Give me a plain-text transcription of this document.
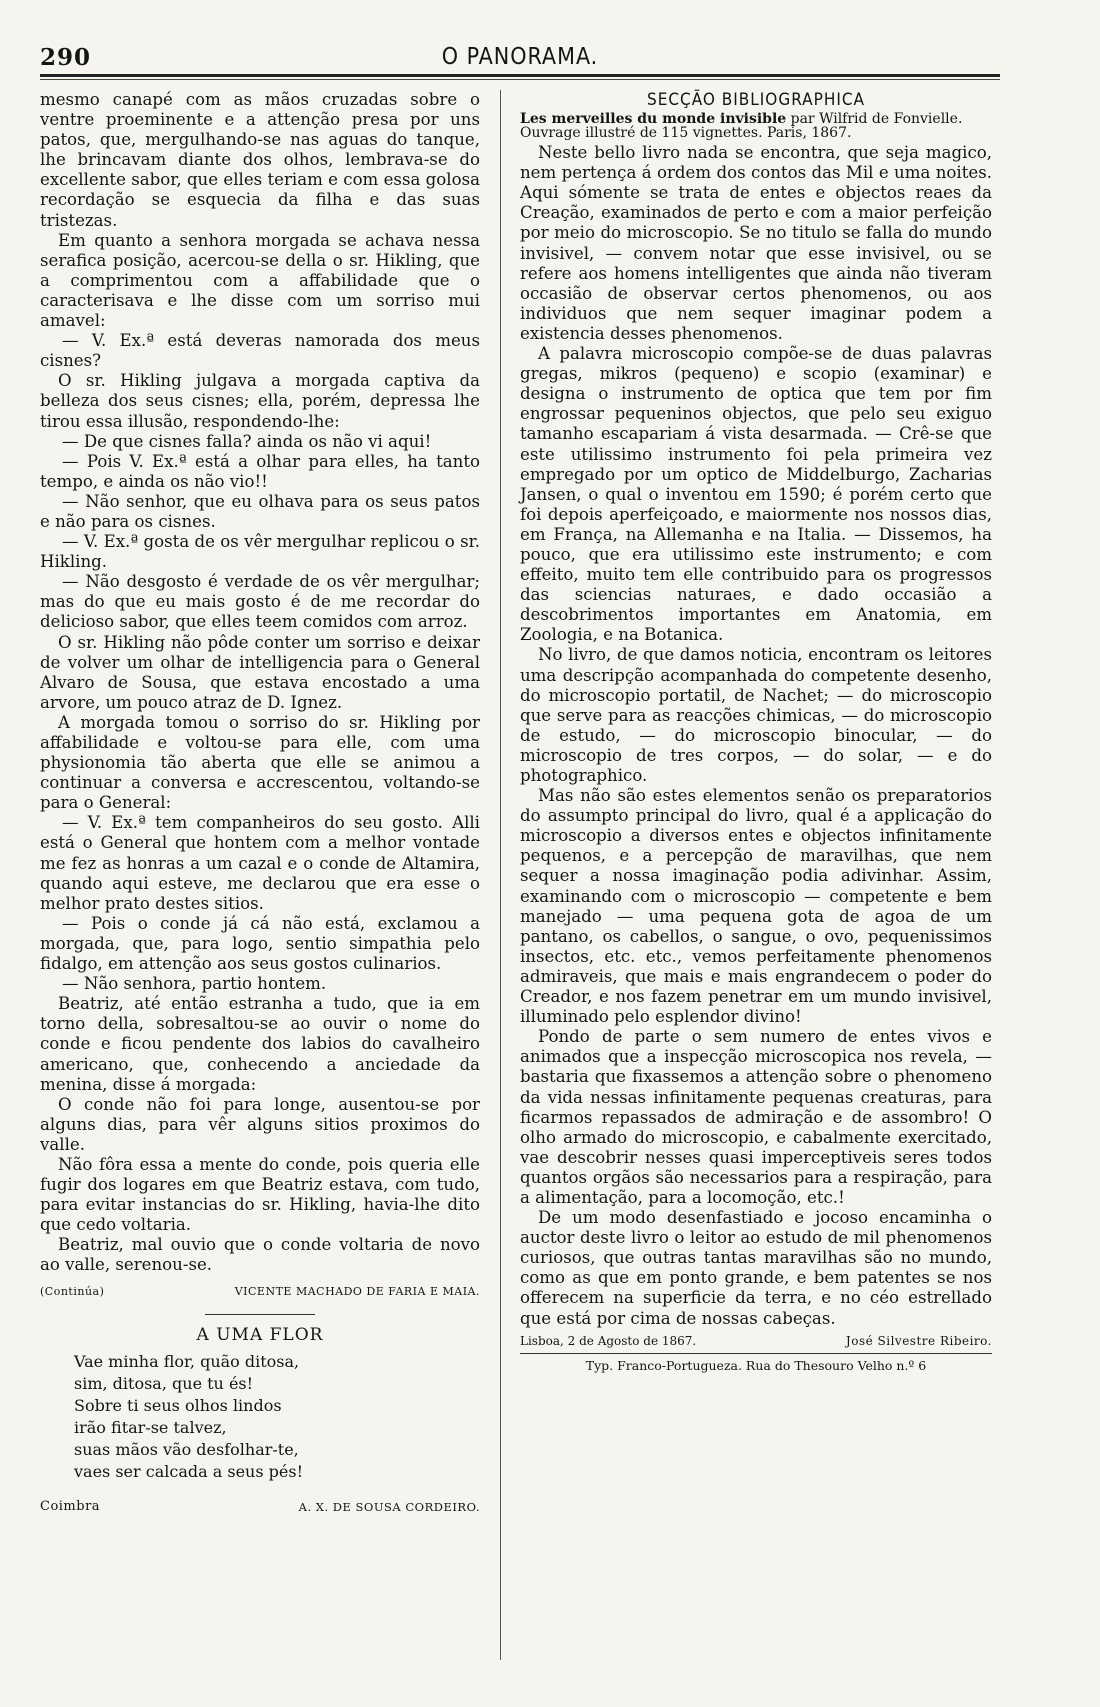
290	O PANORAMA.

mesmo canapé com as mãos cruzadas sobre o ventre proeminente e a attenção presa por uns patos, que, mergulhando-se nas aguas do tanque, lhe brincavam diante dos olhos, lembrava-se do excellente sabor, que elles teriam e com essa golosa recordação se esquecia da filha e das suas tristezas.

Em quanto a senhora morgada se achava nessa serafica posição, acercou-se della o sr. Hikling, que a comprimentou com a affabilidade que o caracterisava e lhe disse com um sorriso mui amavel:

— V. Ex.ª está deveras namorada dos meus cisnes?

O sr. Hikling julgava a morgada captiva da belleza dos seus cisnes; ella, porém, depressa lhe tirou essa illusão, respondendo-lhe:

— De que cisnes falla? ainda os não vi aqui!

— Pois V. Ex.ª está a olhar para elles, ha tanto tempo, e ainda os não vio!!

— Não senhor, que eu olhava para os seus patos e não para os cisnes.

— V. Ex.ª gosta de os vêr mergulhar replicou o sr. Hikling.

— Não desgosto é verdade de os vêr mergulhar; mas do que eu mais gosto é de me recordar do delicioso sabor, que elles teem comidos com arroz.

O sr. Hikling não pôde conter um sorriso e deixar de volver um olhar de intelligencia para o General Alvaro de Sousa, que estava encostado a uma arvore, um pouco atraz de D. Ignez.

A morgada tomou o sorriso do sr. Hikling por affabilidade e voltou-se para elle, com uma physionomia tão aberta que elle se animou a continuar a conversa e accrescentou, voltando-se para o General:

— V. Ex.ª tem companheiros do seu gosto. Alli está o General que hontem com a melhor vontade me fez as honras a um cazal e o conde de Altamira, quando aqui esteve, me declarou que era esse o melhor prato destes sitios.

— Pois o conde já cá não está, exclamou a morgada, que, para logo, sentio simpathia pelo fidalgo, em attenção aos seus gostos culinarios.

— Não senhora, partio hontem.

Beatriz, até então estranha a tudo, que ia em torno della, sobresaltou-se ao ouvir o nome do conde e ficou pendente dos labios do cavalheiro americano, que, conhecendo a anciedade da menina, disse á morgada:

O conde não foi para longe, ausentou-se por alguns dias, para vêr alguns sitios proximos do valle.

Não fôra essa a mente do conde, pois queria elle fugir dos logares em que Beatriz estava, com tudo, para evitar instancias do sr. Hikling, havia-lhe dito que cedo voltaria.

Beatriz, mal ouvio que o conde voltaria de novo ao valle, serenou-se.

(Continúa)	VICENTE MACHADO DE FARIA E MAIA.
A UMA FLOR
Vae minha flor, quão ditosa,
sim, ditosa, que tu és!
Sobre ti seus olhos lindos
irão fitar-se talvez,
suas mãos vão desfolhar-te,
vaes ser calcada a seus pés!
Coimbra	A. X. DE SOUSA CORDEIRO.
SECÇÃO BIBLIOGRAPHICA
Les merveilles du monde invisible par Wilfrid de Fonvielle. Ouvrage illustré de 115 vignettes. Paris, 1867.

Neste bello livro nada se encontra, que seja magico, nem pertença á ordem dos contos das Mil e uma noites. Aqui sómente se trata de entes e objectos reaes da Creação, examinados de perto e com a maior perfeição por meio do microscopio. Se no titulo se falla do mundo invisivel, — convem notar que esse invisivel, ou se refere aos homens intelligentes que ainda não tiveram occasião de observar certos phenomenos, ou aos individuos que nem sequer imaginar podem a existencia desses phenomenos.

A palavra microscopio compõe-se de duas palavras gregas, mikros (pequeno) e scopio (examinar) e designa o instrumento de optica que tem por fim engrossar pequeninos objectos, que pelo seu exiguo tamanho escapariam á vista desarmada. — Crê-se que este utilissimo instrumento foi pela primeira vez empregado por um optico de Middelburgo, Zacharias Jansen, o qual o inventou em 1590; é porém certo que foi depois aperfeiçoado, e maiormente nos nossos dias, em França, na Allemanha e na Italia. — Dissemos, ha pouco, que era utilissimo este instrumento; e com effeito, muito tem elle contribuido para os progressos das sciencias naturaes, e dado occasião a descobrimentos importantes em Anatomia, em Zoologia, e na Botanica.

No livro, de que damos noticia, encontram os leitores uma descripção acompanhada do competente desenho, do microscopio portatil, de Nachet; — do microscopio que serve para as reacções chimicas, — do microscopio de estudo, — do microscopio binocular, — do microscopio de tres corpos, — do solar, — e do photographico.

Mas não são estes elementos senão os preparatorios do assumpto principal do livro, qual é a applicação do microscopio a diversos entes e objectos infinitamente pequenos, e a percepção de maravilhas, que nem sequer a nossa imaginação podia adivinhar. Assim, examinando com o microscopio — competente e bem manejado — uma pequena gota de agoa de um pantano, os cabellos, o sangue, o ovo, pequenissimos insectos, etc. etc., vemos perfeitamente phenomenos admiraveis, que mais e mais engrandecem o poder do Creador, e nos fazem penetrar em um mundo invisivel, illuminado pelo esplendor divino!

Pondo de parte o sem numero de entes vivos e animados que a inspecção microscopica nos revela, — bastaria que fixassemos a attenção sobre o phenomeno da vida nessas infinitamente pequenas creaturas, para ficarmos repassados de admiração e de assombro! O olho armado do microscopio, e cabalmente exercitado, vae descobrir nesses quasi imperceptiveis seres todos quantos orgãos são necessarios para a respiração, para a alimentação, para a locomoção, etc.!

De um modo desenfastiado e jocoso encaminha o auctor deste livro o leitor ao estudo de mil phenomenos curiosos, que outras tantas maravilhas são no mundo, como as que em ponto grande, e bem patentes se nos offerecem na superficie da terra, e no céo estrellado que está por cima de nossas cabeças.

Lisboa, 2 de Agosto de 1867.	José Silvestre Ribeiro.
Typ. Franco-Portugueza. Rua do Thesouro Velho n.º 6
